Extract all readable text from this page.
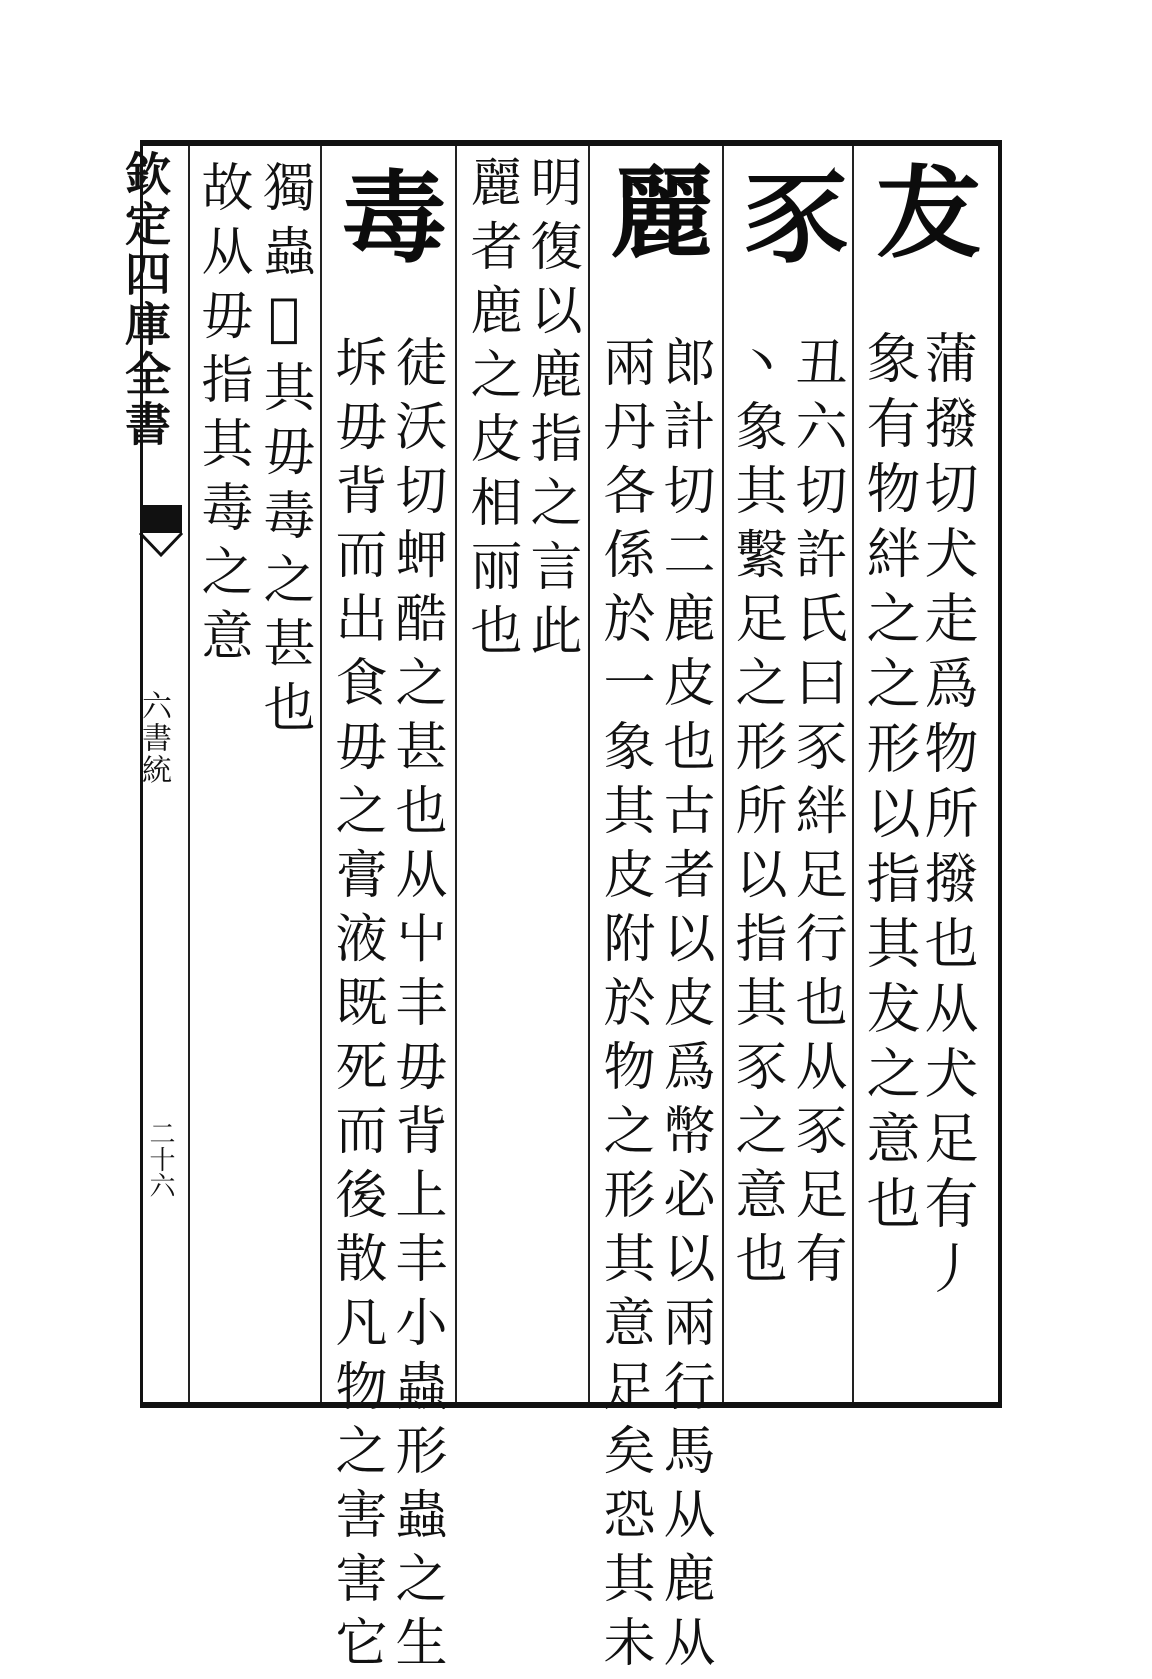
欽定四庫全書
六書統
二十六
犮
蒲撥切犬走爲物所撥也从犬足有丿
象有物絆之之形以指其犮之意也
豕
丑六切許氏曰豕絆足行也从豕足有
丶象其繫足之形所以指其豕之意也
麗
郎計切二鹿皮也古者以皮爲幣必以兩行馬从鹿从
兩丹各係於一象其皮附於物之形其意足矣恐其未
明復以鹿指之言此
麗者鹿之皮相丽也
毒
徒沃切䖬酷之甚也从屮丰毋背上丰小蟲形蟲之生
坼毋背而出食毋之膏液既死而後散凡物之害害它
獨蟲𨌥其毋毒之甚也
故从毋指其毒之意
